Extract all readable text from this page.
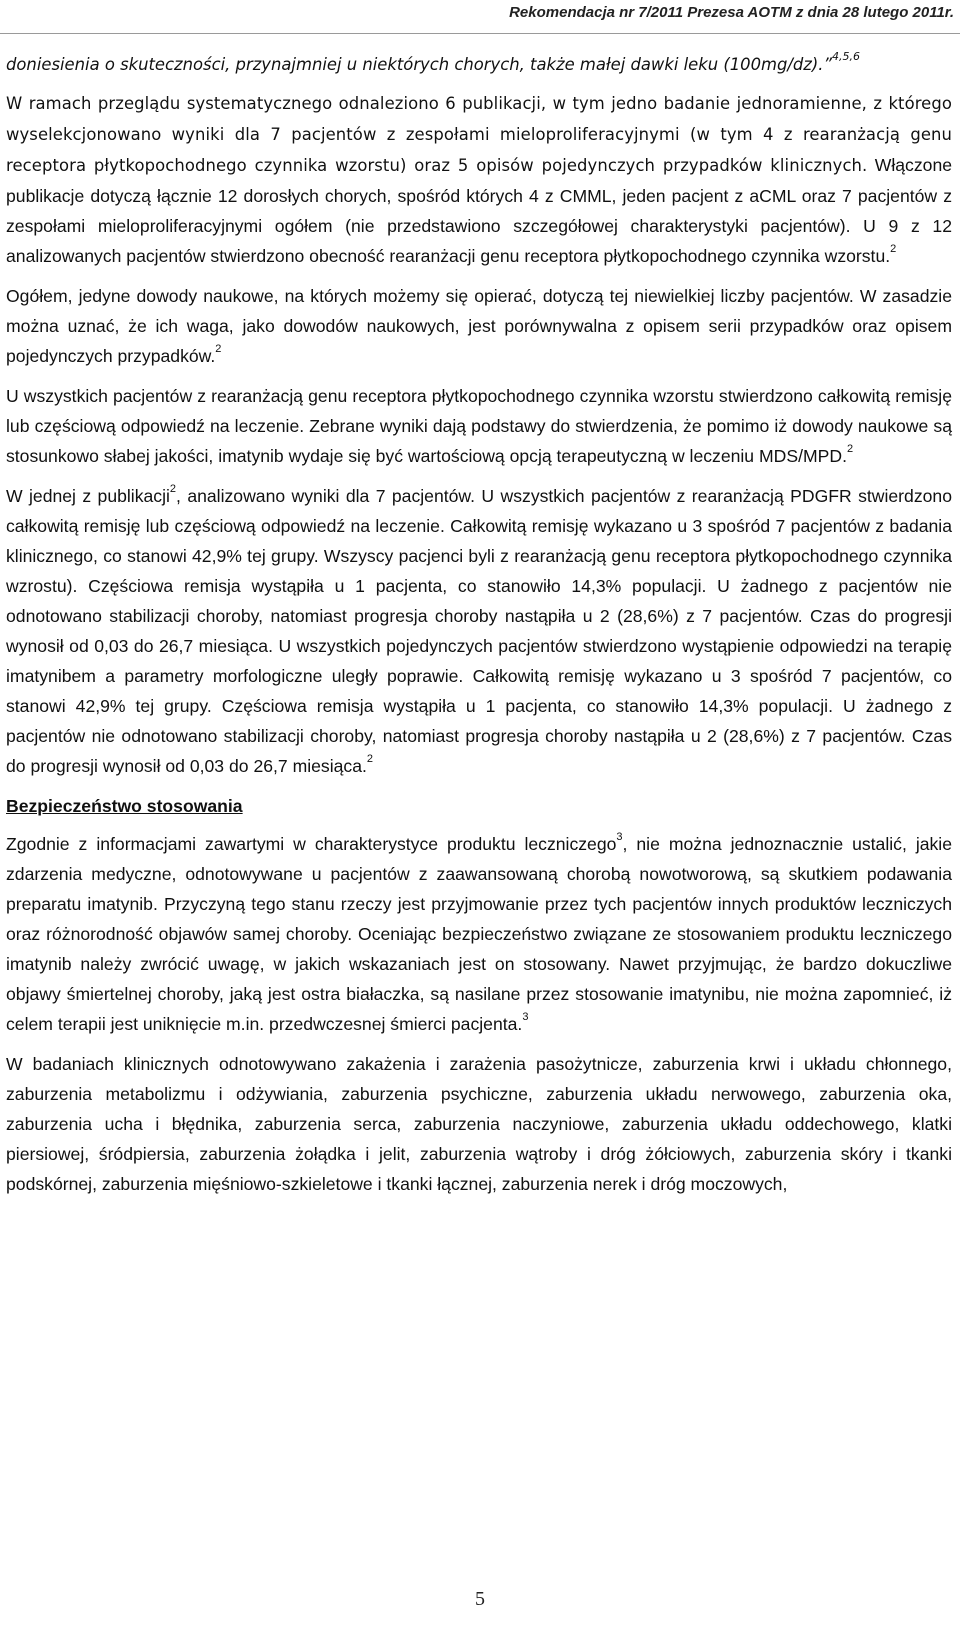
Rekomendacja nr 7/2011 Prezesa AOTM z dnia 28 lutego 2011r.

doniesienia o skuteczności, przynajmniej u niektórych chorych, także małej dawki leku (100mg/dz).”$^{4,5,6}$

W ramach przeglądu systematycznego odnaleziono 6 publikacji, w tym jedno badanie jednoramienne, z którego wyselekcjonowano wyniki dla 7 pacjentów z zespołami mieloproliferacyjnymi (w tym 4 z rearanżacją genu receptora płytkopochodnego czynnika wzorstu) oraz 5 opisów pojedynczych przypadków klinicznych. Włączone publikacje dotyczą łącznie 12 dorosłych chorych, spośród których 4 z CMML, jeden pacjent z aCML oraz 7 pacjentów z zespołami mieloproliferacyjnymi ogółem (nie przedstawiono szczegółowej charakterystyki pacjentów). U 9 z 12 analizowanych pacjentów stwierdzono obecność rearanżacji genu receptora płytkopochodnego czynnika wzorstu.$^2$

Ogółem, jedyne dowody naukowe, na których możemy się opierać, dotyczą tej niewielkiej liczby pacjentów. W zasadzie można uznać, że ich waga, jako dowodów naukowych, jest porównywalna z opisem serii przypadków oraz opisem pojedynczych przypadków.$^2$

U wszystkich pacjentów z rearanżacją genu receptora płytkopochodnego czynnika wzorstu stwierdzono całkowitą remisję lub częściową odpowiedź na leczenie. Zebrane wyniki dają podstawy do stwierdzenia, że pomimo iż dowody naukowe są stosunkowo słabej jakości, imatynib wydaje się być wartościową opcją terapeutyczną w leczeniu MDS/MPD.$^2$

W jednej z publikacji$^2$, analizowano wyniki dla 7 pacjentów. U wszystkich pacjentów z rearanżacją PDGFR stwierdzono całkowitą remisję lub częściową odpowiedź na leczenie. Całkowitą remisję wykazano u 3 spośród 7 pacjentów z badania klinicznego, co stanowi 42,9% tej grupy. Wszyscy pacjenci byli z rearanżacją genu receptora płytkopochodnego czynnika wzrostu). Częściowa remisja wystąpiła u 1 pacjenta, co stanowiło 14,3% populacji. U żadnego z pacjentów nie odnotowano stabilizacji choroby, natomiast progresja choroby nastąpiła u 2 (28,6%) z 7 pacjentów. Czas do progresji wynosił od 0,03 do 26,7 miesiąca. U wszystkich pojedynczych pacjentów stwierdzono wystąpienie odpowiedzi na terapię imatynibem a parametry morfologiczne uległy poprawie. Całkowitą remisję wykazano u 3 spośród 7 pacjentów, co stanowi 42,9% tej grupy. Częściowa remisja wystąpiła u 1 pacjenta, co stanowiło 14,3% populacji. U żadnego z pacjentów nie odnotowano stabilizacji choroby, natomiast progresja choroby nastąpiła u 2 (28,6%) z 7 pacjentów. Czas do progresji wynosił od 0,03 do 26,7 miesiąca.$^2$

Bezpieczeństwo stosowania

Zgodnie z informacjami zawartymi w charakterystyce produktu leczniczego$^3$, nie można jednoznacznie ustalić, jakie zdarzenia medyczne, odnotowywane u pacjentów z zaawansowaną chorobą nowotworową, są skutkiem podawania preparatu imatynib. Przyczyną tego stanu rzeczy jest przyjmowanie przez tych pacjentów innych produktów leczniczych oraz różnorodność objawów samej choroby. Oceniając bezpieczeństwo związane ze stosowaniem produktu leczniczego imatynib należy zwrócić uwagę, w jakich wskazaniach jest on stosowany. Nawet przyjmując, że bardzo dokuczliwe objawy śmiertelnej choroby, jaką jest ostra białaczka, są nasilane przez stosowanie imatynibu, nie można zapomnieć, iż celem terapii jest uniknięcie m.in. przedwczesnej śmierci pacjenta.$^3$

W badaniach klinicznych odnotowywano zakażenia i zarażenia pasożytnicze, zaburzenia krwi i układu chłonnego, zaburzenia metabolizmu i odżywiania, zaburzenia psychiczne, zaburzenia układu nerwowego, zaburzenia oka, zaburzenia ucha i błędnika, zaburzenia serca, zaburzenia naczyniowe, zaburzenia układu oddechowego, klatki piersiowej, śródpiersia, zaburzenia żołądka i jelit, zaburzenia wątroby i dróg żółciowych, zaburzenia skóry i tkanki podskórnej, zaburzenia mięśniowo-szkieletowe i tkanki łącznej, zaburzenia nerek i dróg moczowych,

5
